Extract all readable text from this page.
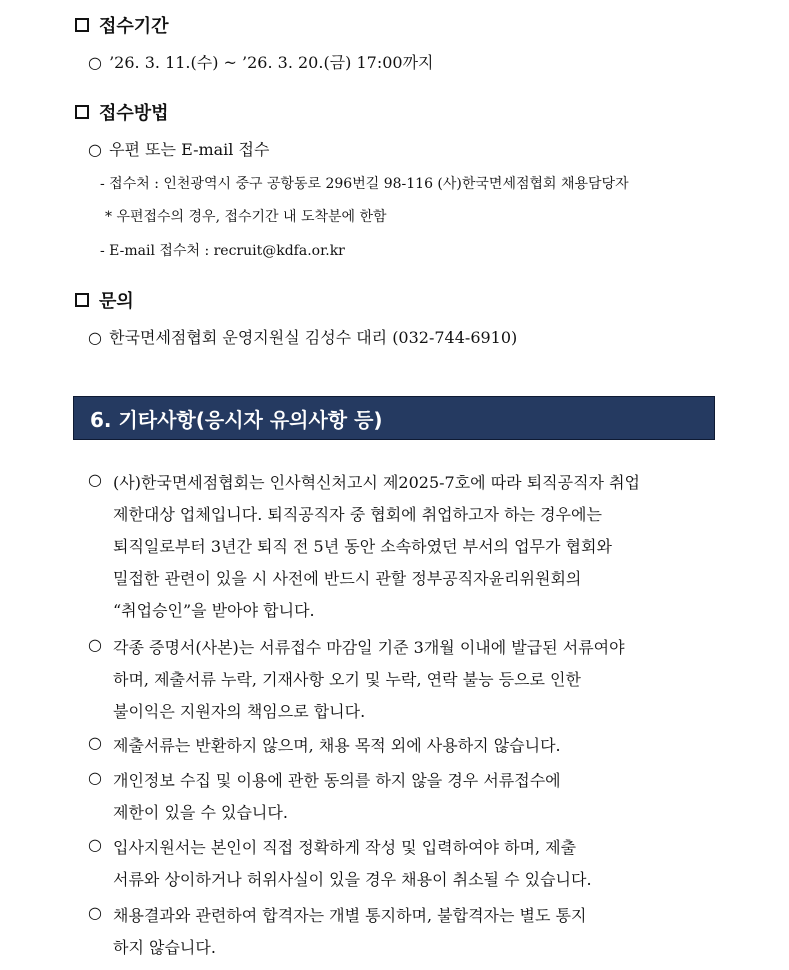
접수기간
○ ’26. 3. 11.(수) ~ ’26. 3. 20.(금) 17:00까지
접수방법
○ 우편 또는 E-mail 접수
- 접수처 : 인천광역시 중구 공항동로 296번길 98-116 (사)한국면세점협회 채용담당자
* 우편접수의 경우, 접수기간 내 도착분에 한함
- E-mail 접수처 : recruit@kdfa.or.kr
문의
○ 한국면세점협회 운영지원실 김성수 대리 (032-744-6910)
6. 기타사항(응시자 유의사항 등)
○ (사)한국면세점협회는 인사혁신처고시 제2025-7호에 따라 퇴직공직자 취업
제한대상 업체입니다. 퇴직공직자 중 협회에 취업하고자 하는 경우에는
퇴직일로부터 3년간 퇴직 전 5년 동안 소속하였던 부서의 업무가 협회와
밀접한 관련이 있을 시 사전에 반드시 관할 정부공직자윤리위원회의
“취업승인”을 받아야 합니다.
○ 각종 증명서(사본)는 서류접수 마감일 기준 3개월 이내에 발급된 서류여야
하며, 제출서류 누락, 기재사항 오기 및 누락, 연락 불능 등으로 인한
불이익은 지원자의 책임으로 합니다.
○ 제출서류는 반환하지 않으며, 채용 목적 외에 사용하지 않습니다.
○ 개인정보 수집 및 이용에 관한 동의를 하지 않을 경우 서류접수에
제한이 있을 수 있습니다.
○ 입사지원서는 본인이 직접 정확하게 작성 및 입력하여야 하며, 제출
서류와 상이하거나 허위사실이 있을 경우 채용이 취소될 수 있습니다.
○ 채용결과와 관련하여 합격자는 개별 통지하며, 불합격자는 별도 통지
하지 않습니다.
